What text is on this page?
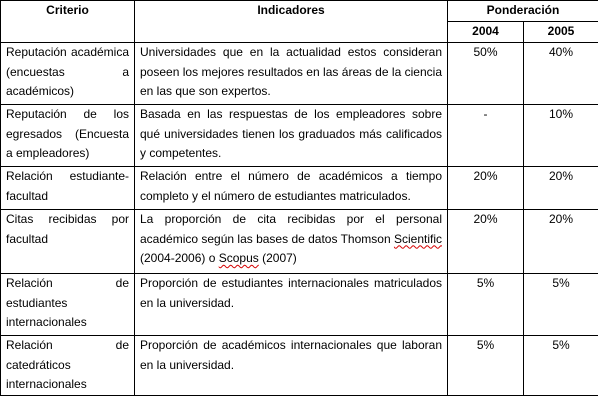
Criterio	Indicadores	Ponderación	
		2004	2005
Reputación académica (encuestas a académicos)	Universidades que en la actualidad estos consideran poseen los mejores resultados en las áreas de la ciencia en las que son expertos.	50%	40%
Reputación de los egresados (Encuesta a empleadores)	Basada en las respuestas de los empleadores sobre qué universidades tienen los graduados más calificados y competentes.	-	10%
Relación estudiante-facultad	Relación entre el número de académicos a tiempo completo y el número de estudiantes matriculados.	20%	20%
Citas recibidas por facultad	La proporción de cita recibidas por el personal académico según las bases de datos Thomson Scientific (2004-2006) o Scopus (2007)	20%	20%
Relación de estudiantes internacionales	Proporción de estudiantes internacionales matriculados en la universidad.	5%	5%
Relación de catedráticos internacionales	Proporción de académicos internacionales que laboran en la universidad.	5%	5%
